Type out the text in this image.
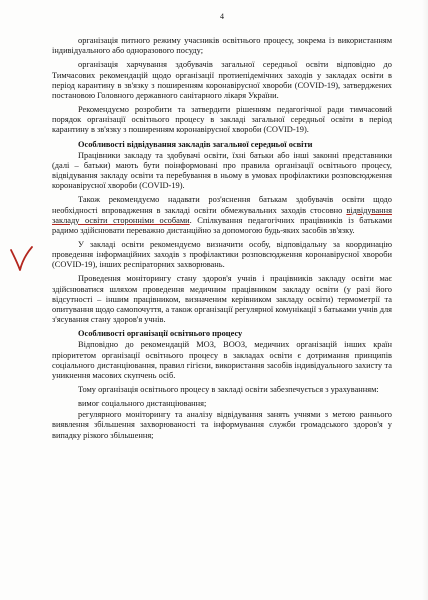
4

організація питного режиму учасників освітнього процесу, зокрема із використанням індивідуального або одноразового посуду;

організація харчування здобувачів загальної середньої освіти відповідно до Тимчасових рекомендацій щодо організації протиепідемічних заходів у закладах освіти в період карантину в зв'язку з поширенням коронавірусної хвороби (COVID-19), затверджених постановою Головного державного санітарного лікаря України.

Рекомендуємо розробити та затвердити рішенням педагогічної ради тимчасовий порядок організації освітнього процесу в закладі загальної середньої освіти в період карантину в зв'язку з поширенням коронавірусної хвороби (COVID-19).

Особливості відвідування закладів загальної середньої освіти

Працівники закладу та здобувачі освіти, їхні батьки або інші законні представники (далі – батьки) мають бути поінформовані про правила організації освітнього процесу, відвідування закладу освіти та перебування в ньому в умовах профілактики розповсюдження коронавірусної хвороби (COVID-19).

Також рекомендуємо надавати роз'яснення батькам здобувачів освіти щодо необхідності впровадження в закладі освіти обмежувальних заходів стосовно відвідування закладу освіти сторонніми особами. Спілкування педагогічних працівників із батьками радимо здійснювати переважно дистанційно за допомогою будь-яких засобів зв'язку.

У закладі освіти рекомендуємо визначити особу, відповідальну за координацію проведення інформаційних заходів з профілактики розповсюдження коронавірусної хвороби (COVID-19), інших респіраторних захворювань.

Проведення моніторингу стану здоров'я учнів і працівників закладу освіти має здійснюватися шляхом проведення медичним працівником закладу освіти (у разі його відсутності – іншим працівником, визначеним керівником закладу освіти) термометрії та опитування щодо самопочуття, а також організації регулярної комунікації з батьками учнів для з'ясування стану здоров'я учнів.

Особливості організації освітнього процесу

Відповідно до рекомендацій МОЗ, ВООЗ, медичних організацій інших країн пріоритетом організації освітнього процесу в закладах освіти є дотримання принципів соціального дистанціювання, правил гігієни, використання засобів індивідуального захисту та уникнення масових скупчень осіб.

Тому організація освітнього процесу в закладі освіти забезпечується з урахуванням:

вимог соціального дистанціювання;

регулярного моніторингу та аналізу відвідування занять учнями з метою раннього виявлення збільшення захворюваності та інформування служби громадського здоров'я у випадку різкого збільшення;
